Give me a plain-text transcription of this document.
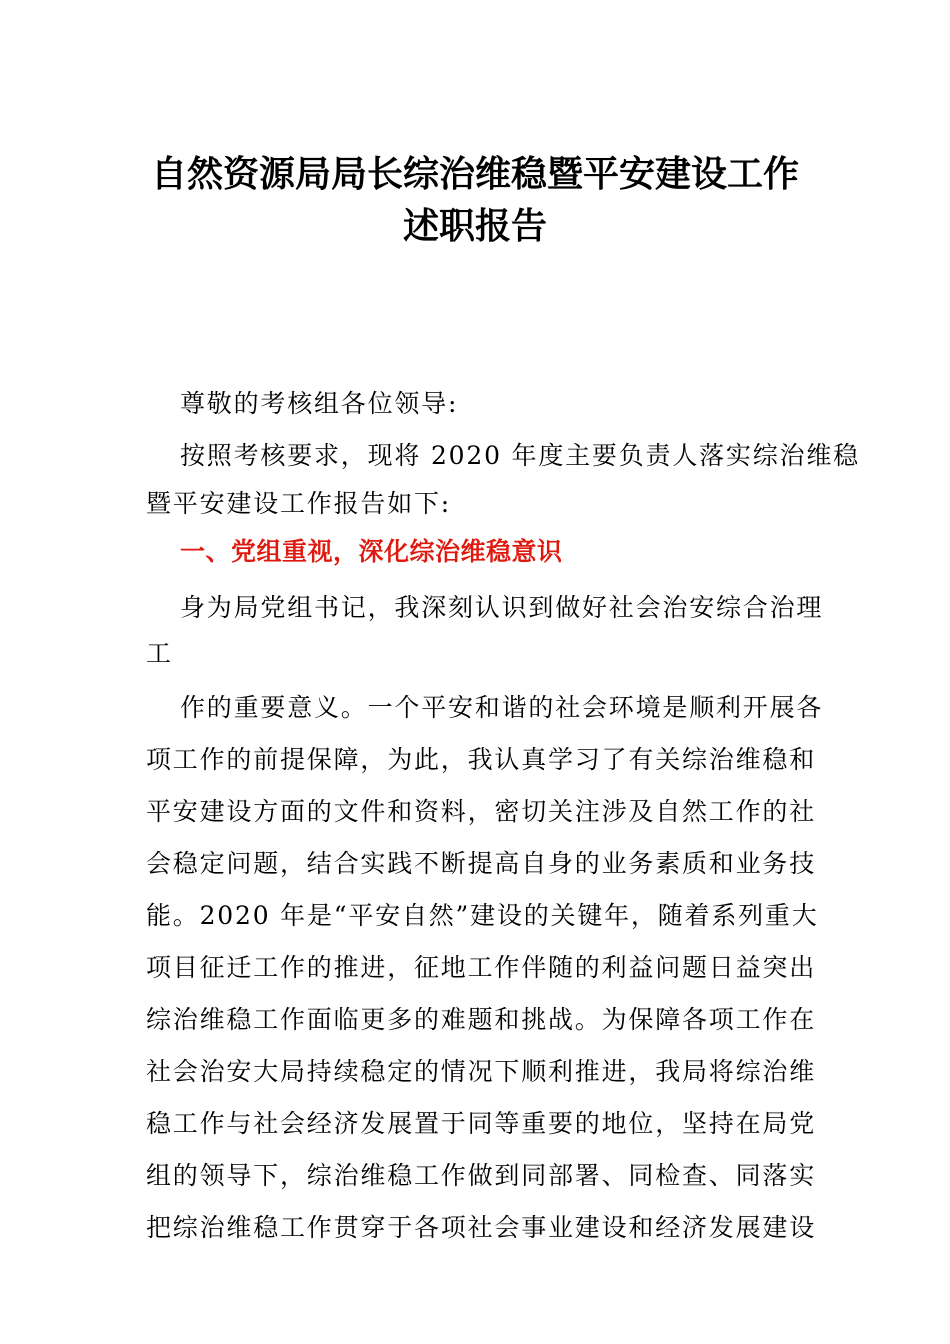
自然资源局局长综治维稳暨平安建设工作
述职报告
尊敬的考核组各位领导:
按照考核要求，现将 2020 年度主要负责人落实综治维稳
暨平安建设工作报告如下:
一、党组重视，深化综治维稳意识
身为局党组书记，我深刻认识到做好社会治安综合治理
工
作的重要意义。一个平安和谐的社会环境是顺利开展各
项工作的前提保障，为此，我认真学习了有关综治维稳和
平安建设方面的文件和资料，密切关注涉及自然工作的社
会稳定问题，结合实践不断提高自身的业务素质和业务技
能。2020 年是“平安自然”建设的关键年，随着系列重大
项目征迁工作的推进，征地工作伴随的利益问题日益突出
综治维稳工作面临更多的难题和挑战。为保障各项工作在
社会治安大局持续稳定的情况下顺利推进，我局将综治维
稳工作与社会经济发展置于同等重要的地位，坚持在局党
组的领导下，综治维稳工作做到同部署、同检查、同落实
把综治维稳工作贯穿于各项社会事业建设和经济发展建设
